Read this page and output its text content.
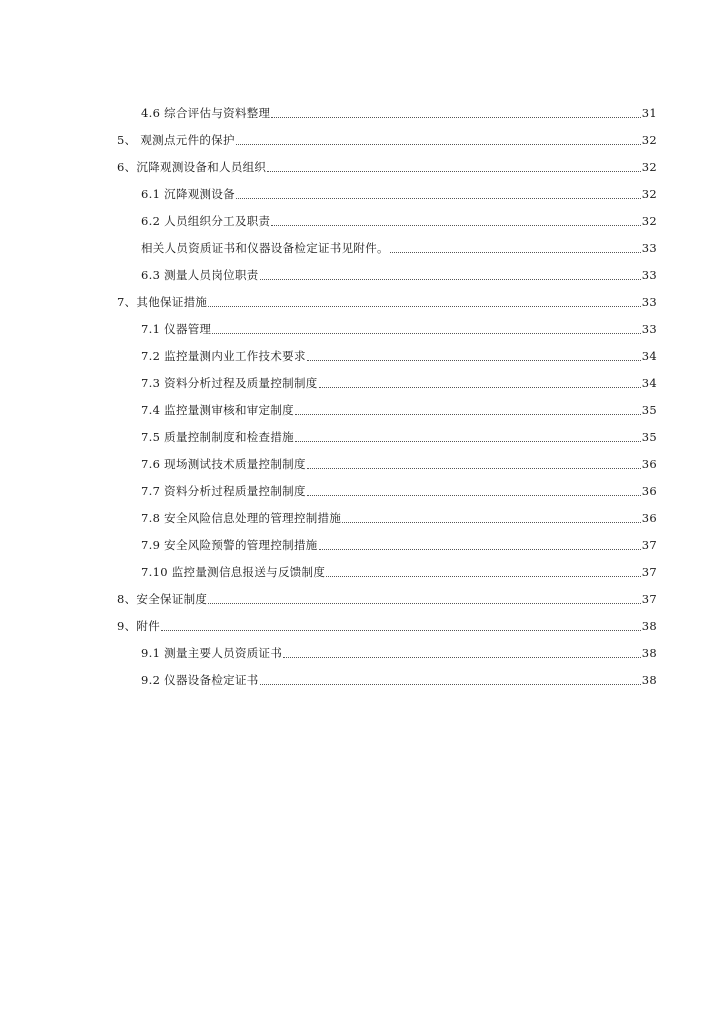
4.6 综合评估与资料整理	31
5、 观测点元件的保护	32
6、沉降观测设备和人员组织	32
6.1 沉降观测设备	32
6.2 人员组织分工及职责	32
相关人员资质证书和仪器设备检定证书见附件。	33
6.3 测量人员岗位职责	33
7、其他保证措施	33
7.1 仪器管理	33
7.2 监控量测内业工作技术要求	34
7.3 资料分析过程及质量控制制度	34
7.4 监控量测审核和审定制度	35
7.5 质量控制制度和检查措施	35
7.6 现场测试技术质量控制制度	36
7.7 资料分析过程质量控制制度	36
7.8 安全风险信息处理的管理控制措施	36
7.9 安全风险预警的管理控制措施	37
7.10 监控量测信息报送与反馈制度	37
8、安全保证制度	37
9、附件	38
9.1 测量主要人员资质证书	38
9.2 仪器设备检定证书	38
